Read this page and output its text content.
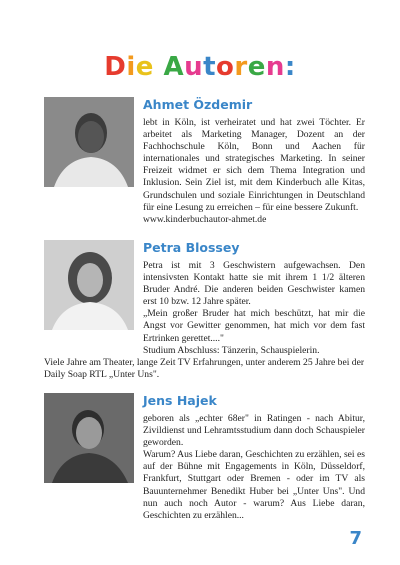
Die Autoren:
Ahmet Özdemir

lebt in Köln, ist verheiratet und hat zwei Töchter. Er arbeitet als Marketing Manager, Dozent an der Fachhochschule Köln, Bonn und Aachen für internationales und strategisches Marketing. In seiner Freizeit widmet er sich dem Thema Integration und Inklusion. Sein Ziel ist, mit dem Kinderbuch alle Kitas, Grundschulen und soziale Einrichtungen in Deutschland für eine Lesung zu erreichen – für eine bessere Zukunft.

www.kinderbuchautor-ahmet.de

Petra Blossey

Petra ist mit 3 Geschwistern aufgewachsen. Den intensivsten Kontakt hatte sie mit ihrem 1 1/2 älteren Bruder André. Die anderen beiden Geschwister kamen erst 10 bzw. 12 Jahre später.

„Mein großer Bruder hat mich beschützt, hat mir die Angst vor Gewitter genommen, hat mich vor dem fast Ertrinken gerettet...."

Studium Abschluss: Tänzerin, Schauspielerin.

Viele Jahre am Theater, lange Zeit TV Erfahrungen, unter anderem 25 Jahre bei der Daily Soap RTL „Unter Uns".

Jens Hajek

geboren als „echter 68er" in Ratingen - nach Abitur, Zivildienst und Lehramtsstudium dann doch Schauspieler geworden.

Warum? Aus Liebe daran, Geschichten zu erzählen, sei es auf der Bühne mit Engagements in Köln, Düsseldorf, Frankfurt, Stuttgart oder Bremen - oder im TV als Bauunternehmer Benedikt Huber bei „Unter Uns". Und nun auch noch Autor - warum? Aus Liebe daran, Geschichten zu erzählen...

7
